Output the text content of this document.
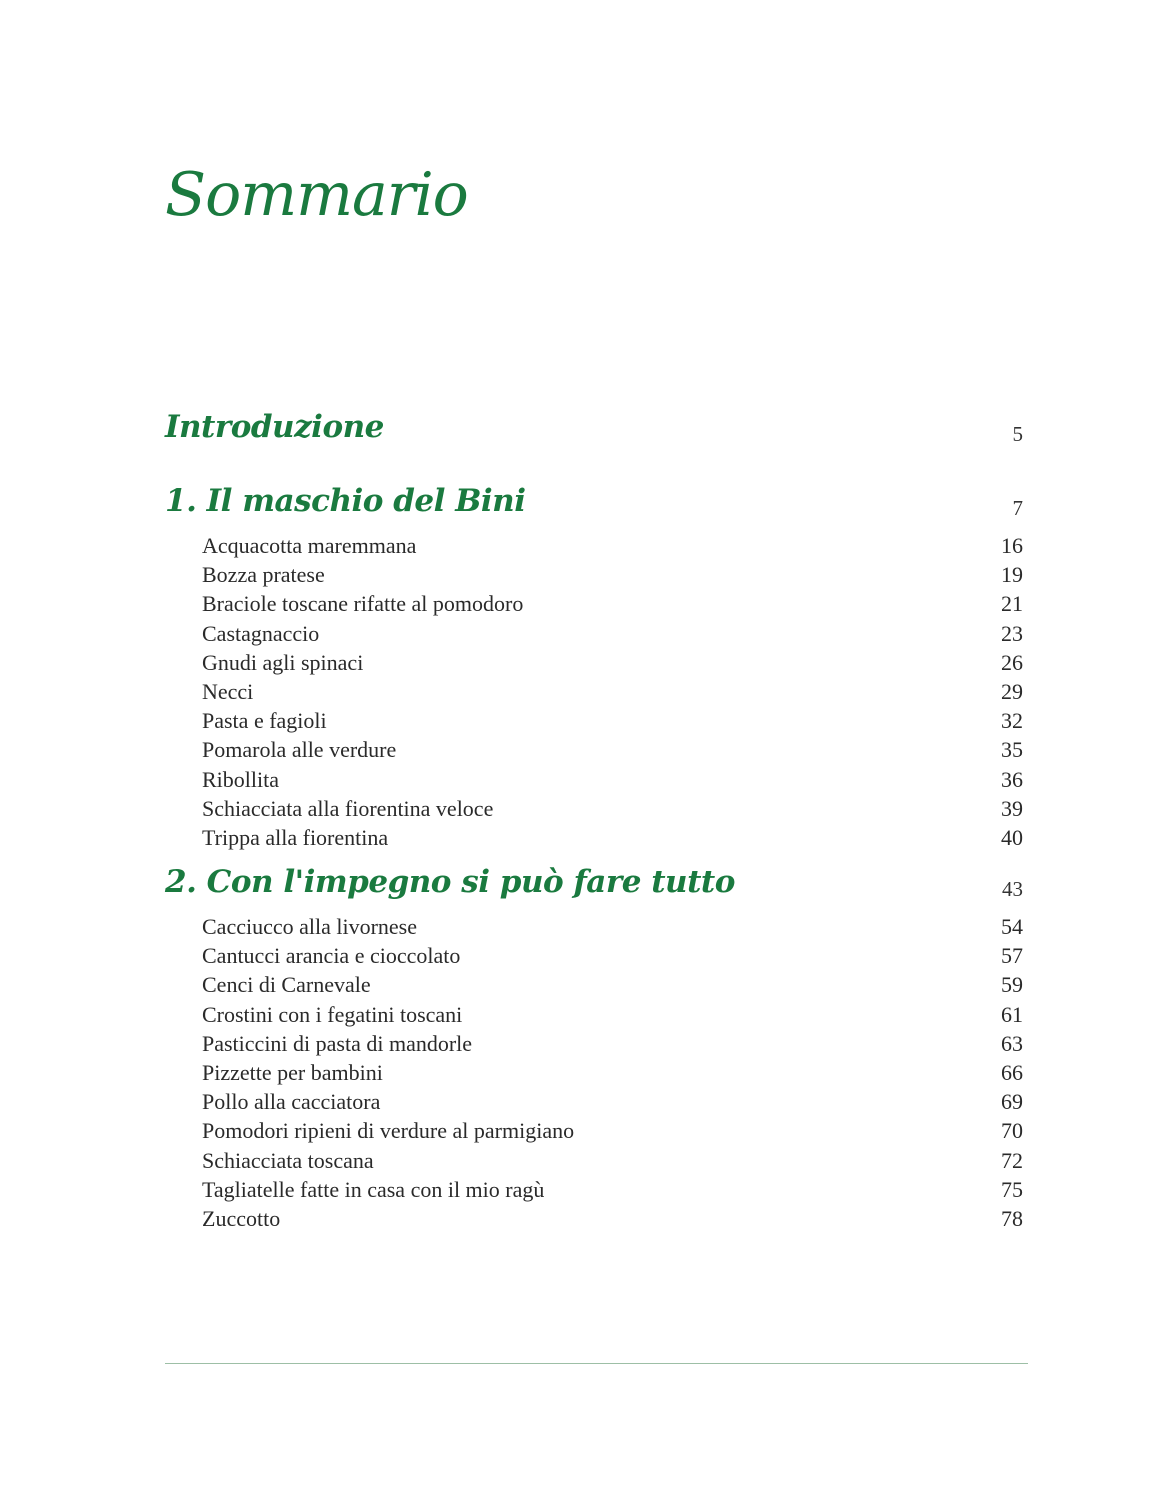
Sommario
Introduzione	5
1. Il maschio del Bini	7
Acquacotta maremmana	16
Bozza pratese	19
Braciole toscane rifatte al pomodoro	21
Castagnaccio	23
Gnudi agli spinaci	26
Necci	29
Pasta e fagioli	32
Pomarola alle verdure	35
Ribollita	36
Schiacciata alla fiorentina veloce	39
Trippa alla fiorentina	40
2. Con l'impegno si può fare tutto	43
Cacciucco alla livornese	54
Cantucci arancia e cioccolato	57
Cenci di Carnevale	59
Crostini con i fegatini toscani	61
Pasticcini di pasta di mandorle	63
Pizzette per bambini	66
Pollo alla cacciatora	69
Pomodori ripieni di verdure al parmigiano	70
Schiacciata toscana	72
Tagliatelle fatte in casa con il mio ragù	75
Zuccotto	78
